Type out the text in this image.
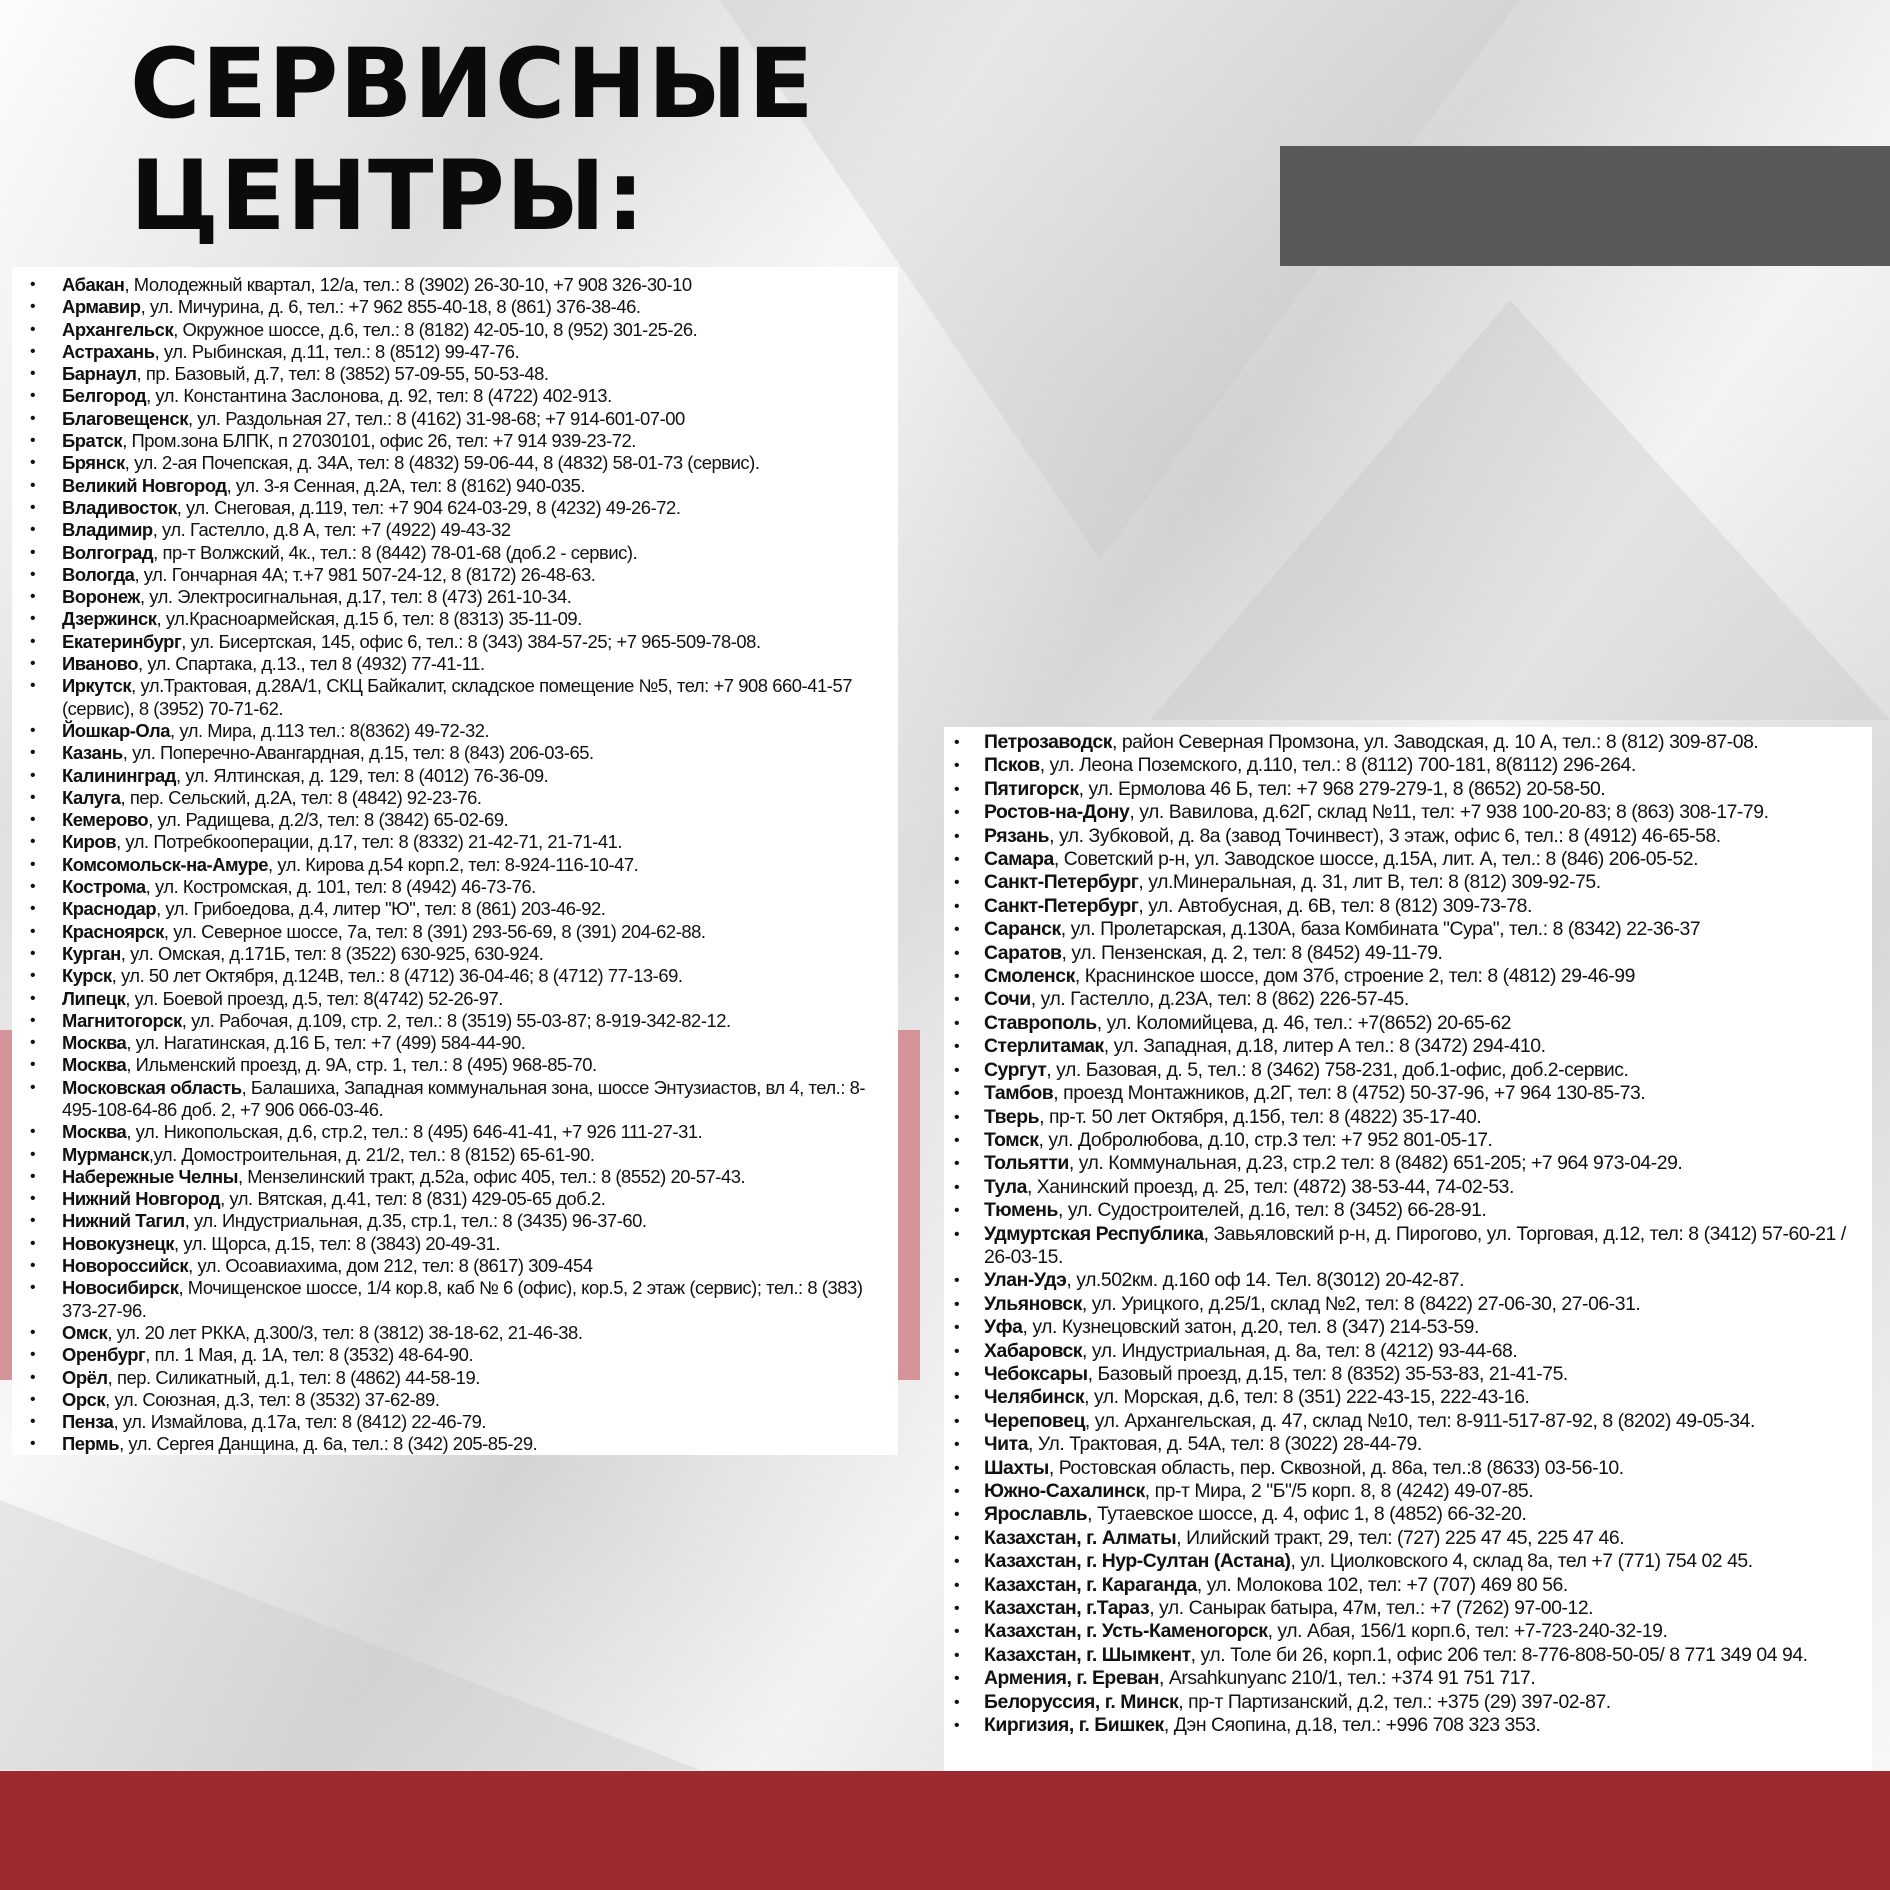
СЕРВИСНЫЕ
ЦЕНТРЫ:
• Абакан, Молодежный квартал, 12/а, тел.: 8 (3902) 26-30-10, +7 908 326-30-10
• Армавир, ул. Мичурина, д. 6, тел.: +7 962 855-40-18, 8 (861) 376-38-46.
• Архангельск, Окружное шоссе, д.6, тел.: 8 (8182) 42-05-10, 8 (952) 301-25-26.
• Астрахань, ул. Рыбинская, д.11, тел.: 8 (8512) 99-47-76.
• Барнаул, пр. Базовый, д.7, тел: 8 (3852) 57-09-55, 50-53-48.
• Белгород, ул. Константина Заслонова, д. 92, тел: 8 (4722) 402-913.
• Благовещенск, ул. Раздольная 27, тел.: 8 (4162) 31-98-68; +7 914-601-07-00
• Братск, Пром.зона БЛПК, п 27030101, офис 26, тел: +7 914 939-23-72.
• Брянск, ул. 2-ая Почепская, д. 34А, тел: 8 (4832) 59-06-44, 8 (4832) 58-01-73 (сервис).
• Великий Новгород, ул. 3-я Сенная, д.2А, тел: 8 (8162) 940-035.
• Владивосток, ул. Снеговая, д.119, тел: +7 904 624-03-29, 8 (4232) 49-26-72.
• Владимир, ул. Гастелло, д.8 А, тел: +7 (4922) 49-43-32
• Волгоград, пр-т Волжский, 4к., тел.: 8 (8442) 78-01-68 (доб.2 - сервис).
• Вологда, ул. Гончарная 4А; т.+7 981 507-24-12, 8 (8172) 26-48-63.
• Воронеж, ул. Электросигнальная, д.17, тел: 8 (473) 261-10-34.
• Дзержинск, ул.Красноармейская, д.15 б, тел: 8 (8313) 35-11-09.
• Екатеринбург, ул. Бисертская, 145, офис 6, тел.: 8 (343) 384-57-25; +7 965-509-78-08.
• Иваново, ул. Спартака, д.13., тел 8 (4932) 77-41-11.
• Иркутск, ул.Трактовая, д.28А/1, СКЦ Байкалит, складское помещение №5, тел: +7 908 660-41-57 (сервис), 8 (3952) 70-71-62.
• Йошкар-Ола, ул. Мира, д.113 тел.: 8(8362) 49-72-32.
• Казань, ул. Поперечно-Авангардная, д.15, тел: 8 (843) 206-03-65.
• Калининград, ул. Ялтинская, д. 129, тел: 8 (4012) 76-36-09.
• Калуга, пер. Сельский, д.2А, тел: 8 (4842) 92-23-76.
• Кемерово, ул. Радищева, д.2/3, тел: 8 (3842) 65-02-69.
• Киров, ул. Потребкооперации, д.17, тел: 8 (8332) 21-42-71, 21-71-41.
• Комсомольск-на-Амуре, ул. Кирова д.54 корп.2, тел: 8-924-116-10-47.
• Кострома, ул. Костромская, д. 101, тел: 8 (4942) 46-73-76.
• Краснодар, ул. Грибоедова, д.4, литер "Ю", тел: 8 (861) 203-46-92.
• Красноярск, ул. Северное шоссе, 7а, тел: 8 (391) 293-56-69, 8 (391) 204-62-88.
• Курган, ул. Омская, д.171Б, тел: 8 (3522) 630-925, 630-924.
• Курск, ул. 50 лет Октября, д.124В, тел.: 8 (4712) 36-04-46; 8 (4712) 77-13-69.
• Липецк, ул. Боевой проезд, д.5, тел: 8(4742) 52-26-97.
• Магнитогорск, ул. Рабочая, д.109, стр. 2, тел.: 8 (3519) 55-03-87; 8-919-342-82-12.
• Москва, ул. Нагатинская, д.16 Б, тел: +7 (499) 584-44-90.
• Москва, Ильменский проезд, д. 9А, стр. 1, тел.: 8 (495) 968-85-70.
• Московская область, Балашиха, Западная коммунальная зона, шоссе Энтузиастов, вл 4, тел.: 8-495-108-64-86 доб. 2, +7 906 066-03-46.
• Москва, ул. Никопольская, д.6, стр.2, тел.: 8 (495) 646-41-41, +7 926 111-27-31.
• Мурманск,ул. Домостроительная, д. 21/2, тел.: 8 (8152) 65-61-90.
• Набережные Челны, Мензелинский тракт, д.52а, офис 405, тел.: 8 (8552) 20-57-43.
• Нижний Новгород, ул. Вятская, д.41, тел: 8 (831) 429-05-65 доб.2.
• Нижний Тагил, ул. Индустриальная, д.35, стр.1, тел.: 8 (3435) 96-37-60.
• Новокузнецк, ул. Щорса, д.15, тел: 8 (3843) 20-49-31.
• Новороссийск, ул. Осоавиахима, дом 212, тел: 8 (8617) 309-454
• Новосибирск, Мочищенское шоссе, 1/4 кор.8, каб № 6 (офис), кор.5, 2 этаж (сервис); тел.: 8 (383) 373-27-96.
• Омск, ул. 20 лет РККА, д.300/3, тел: 8 (3812) 38-18-62, 21-46-38.
• Оренбург, пл. 1 Мая, д. 1А, тел: 8 (3532) 48-64-90.
• Орёл, пер. Силикатный, д.1, тел: 8 (4862) 44-58-19.
• Орск, ул. Союзная, д.3, тел: 8 (3532) 37-62-89.
• Пенза, ул. Измайлова, д.17а, тел: 8 (8412) 22-46-79.
• Пермь, ул. Сергея Данщина, д. 6а, тел.: 8 (342) 205-85-29.
• Петрозаводск, район Северная Промзона, ул. Заводская, д. 10 А, тел.: 8 (812) 309-87-08.
• Псков, ул. Леона Поземского, д.110, тел.: 8 (8112) 700-181, 8(8112) 296-264.
• Пятигорск, ул. Ермолова 46 Б, тел: +7 968 279-279-1, 8 (8652) 20-58-50.
• Ростов-на-Дону, ул. Вавилова, д.62Г, склад №11, тел: +7 938 100-20-83; 8 (863) 308-17-79.
• Рязань, ул. Зубковой, д. 8а (завод Точинвест), 3 этаж, офис 6, тел.: 8 (4912) 46-65-58.
• Самара, Советский р-н, ул. Заводское шоссе, д.15А, лит. А, тел.: 8 (846) 206-05-52.
• Санкт-Петербург, ул.Минеральная, д. 31, лит В, тел: 8 (812) 309-92-75.
• Санкт-Петербург, ул. Автобусная, д. 6В, тел: 8 (812) 309-73-78.
• Саранск, ул. Пролетарская, д.130А, база Комбината "Сура", тел.: 8 (8342) 22-36-37
• Саратов, ул. Пензенская, д. 2, тел: 8 (8452) 49-11-79.
• Смоленск, Краснинское шоссе, дом 37б, строение 2, тел: 8 (4812) 29-46-99
• Сочи, ул. Гастелло, д.23А, тел: 8 (862) 226-57-45.
• Ставрополь, ул. Коломийцева, д. 46, тел.: +7(8652) 20-65-62
• Стерлитамак, ул. Западная, д.18, литер А тел.: 8 (3472) 294-410.
• Сургут, ул. Базовая, д. 5, тел.: 8 (3462) 758-231, доб.1-офис, доб.2-сервис.
• Тамбов, проезд Монтажников, д.2Г, тел: 8 (4752) 50-37-96, +7 964 130-85-73.
• Тверь, пр-т. 50 лет Октября, д.15б, тел: 8 (4822) 35-17-40.
• Томск, ул. Добролюбова, д.10, стр.3 тел: +7 952 801-05-17.
• Тольятти, ул. Коммунальная, д.23, стр.2 тел: 8 (8482) 651-205; +7 964 973-04-29.
• Тула, Ханинский проезд, д. 25, тел: (4872) 38-53-44, 74-02-53.
• Тюмень, ул. Судостроителей, д.16, тел: 8 (3452) 66-28-91.
• Удмуртская Республика, Завьяловский р-н, д. Пирогово, ул. Торговая, д.12, тел: 8 (3412) 57-60-21 / 26-03-15.
• Улан-Удэ, ул.502км. д.160 оф 14. Тел. 8(3012) 20-42-87.
• Ульяновск, ул. Урицкого, д.25/1, склад №2, тел: 8 (8422) 27-06-30, 27-06-31.
• Уфа, ул. Кузнецовский затон, д.20, тел. 8 (347) 214-53-59.
• Хабаровск, ул. Индустриальная, д. 8а, тел: 8 (4212) 93-44-68.
• Чебоксары, Базовый проезд, д.15, тел: 8 (8352) 35-53-83, 21-41-75.
• Челябинск, ул. Морская, д.6, тел: 8 (351) 222-43-15, 222-43-16.
• Череповец, ул. Архангельская, д. 47, склад №10, тел: 8-911-517-87-92, 8 (8202) 49-05-34.
• Чита, Ул. Трактовая, д. 54А, тел: 8 (3022) 28-44-79.
• Шахты, Ростовская область, пер. Сквозной, д. 86а, тел.:8 (8633) 03-56-10.
• Южно-Сахалинск, пр-т Мира, 2 "Б"/5 корп. 8, 8 (4242) 49-07-85.
• Ярославль, Тутаевское шоссе, д. 4, офис 1, 8 (4852) 66-32-20.
• Казахстан, г. Алматы, Илийский тракт, 29, тел: (727) 225 47 45, 225 47 46.
• Казахстан, г. Нур-Султан (Астана), ул. Циолковского 4, склад 8а, тел +7 (771) 754 02 45.
• Казахстан, г. Караганда, ул. Молокова 102, тел: +7 (707) 469 80 56.
• Казахстан, г.Тараз, ул. Санырак батыра, 47м, тел.: +7 (7262) 97-00-12.
• Казахстан, г. Усть-Каменогорск, ул. Абая, 156/1 корп.6, тел: +7-723-240-32-19.
• Казахстан, г. Шымкент, ул. Толе би 26, корп.1, офис 206 тел: 8-776-808-50-05/ 8 771 349 04 94.
• Армения, г. Ереван, Arsahkunyanc 210/1, тел.: +374 91 751 717.
• Белоруссия, г. Минск, пр-т Партизанский, д.2, тел.: +375 (29) 397-02-87.
• Киргизия, г. Бишкек, Дэн Сяопина, д.18, тел.: +996 708 323 353.
